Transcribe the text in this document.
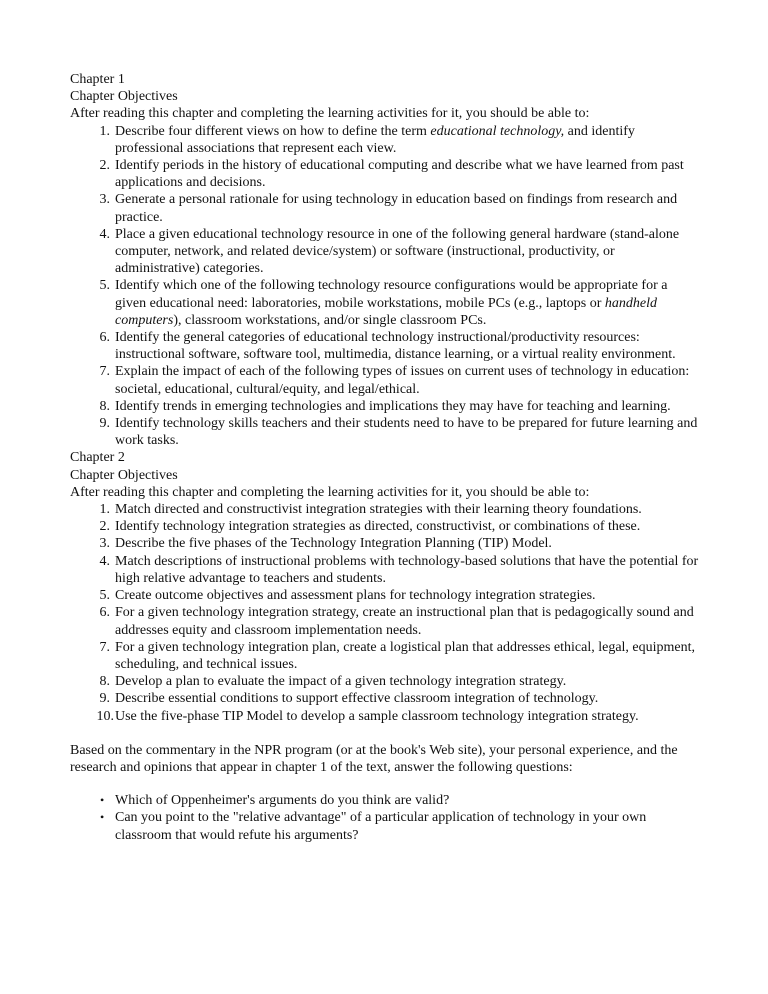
Chapter 1

Chapter Objectives

After reading this chapter and completing the learning activities for it, you should be able to:

1. Describe four different views on how to define the term educational technology, and identify professional associations that represent each view.
2. Identify periods in the history of educational computing and describe what we have learned from past applications and decisions.
3. Generate a personal rationale for using technology in education based on findings from research and practice.
4. Place a given educational technology resource in one of the following general hardware (stand-alone computer, network, and related device/system) or software (instructional, productivity, or administrative) categories.
5. Identify which one of the following technology resource configurations would be appropriate for a given educational need: laboratories, mobile workstations, mobile PCs (e.g., laptops or handheld computers), classroom workstations, and/or single classroom PCs.
6. Identify the general categories of educational technology instructional/productivity resources: instructional software, software tool, multimedia, distance learning, or a virtual reality environment.
7. Explain the impact of each of the following types of issues on current uses of technology in education: societal, educational, cultural/equity, and legal/ethical.
8. Identify trends in emerging technologies and implications they may have for teaching and learning.
9. Identify technology skills teachers and their students need to have to be prepared for future learning and work tasks.

Chapter 2

Chapter Objectives

After reading this chapter and completing the learning activities for it, you should be able to:

1. Match directed and constructivist integration strategies with their learning theory foundations.
2. Identify technology integration strategies as directed, constructivist, or combinations of these.
3. Describe the five phases of the Technology Integration Planning (TIP) Model.
4. Match descriptions of instructional problems with technology-based solutions that have the potential for high relative advantage to teachers and students.
5. Create outcome objectives and assessment plans for technology integration strategies.
6. For a given technology integration strategy, create an instructional plan that is pedagogically sound and addresses equity and classroom implementation needs.
7. For a given technology integration plan, create a logistical plan that addresses ethical, legal, equipment, scheduling, and technical issues.
8. Develop a plan to evaluate the impact of a given technology integration strategy.
9. Describe essential conditions to support effective classroom integration of technology.
10. Use the five-phase TIP Model to develop a sample classroom technology integration strategy.

Based on the commentary in the NPR program (or at the book's Web site), your personal experience, and the research and opinions that appear in chapter 1 of the text, answer the following questions:

• Which of Oppenheimer's arguments do you think are valid?
• Can you point to the "relative advantage" of a particular application of technology in your own classroom that would refute his arguments?
